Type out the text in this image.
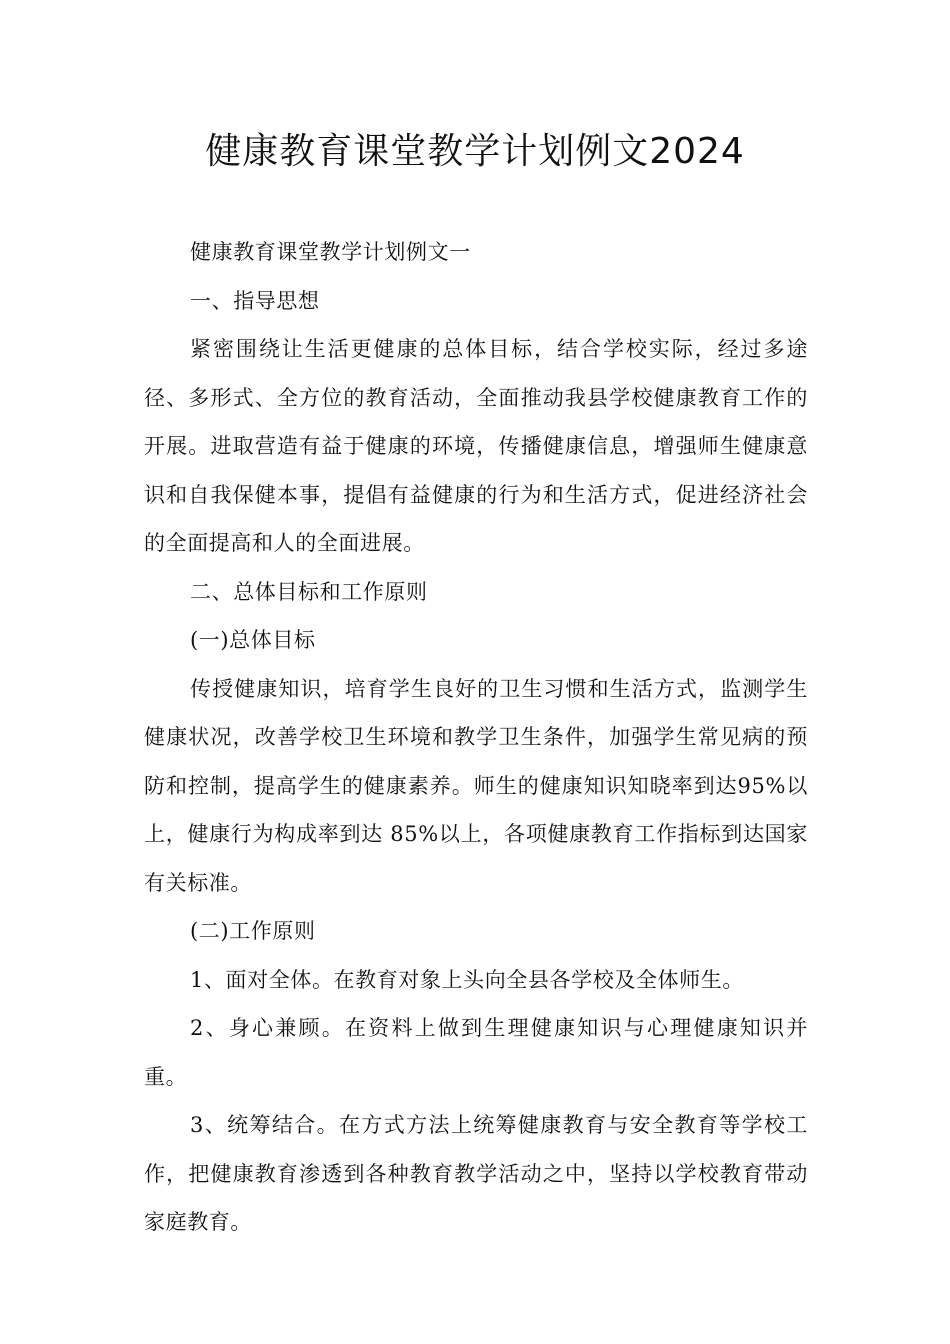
健康教育课堂教学计划例文2024

健康教育课堂教学计划例文一

一、指导思想

紧密围绕让生活更健康的总体目标，结合学校实际，经过多途径、多形式、全方位的教育活动，全面推动我县学校健康教育工作的开展。进取营造有益于健康的环境，传播健康信息，增强师生健康意识和自我保健本事，提倡有益健康的行为和生活方式，促进经济社会的全面提高和人的全面进展。

二、总体目标和工作原则

(一)总体目标

传授健康知识，培育学生良好的卫生习惯和生活方式，监测学生健康状况，改善学校卫生环境和教学卫生条件，加强学生常见病的预防和控制，提高学生的健康素养。师生的健康知识知晓率到达95%以上，健康行为构成率到达 85%以上，各项健康教育工作指标到达国家有关标准。

(二)工作原则

1、面对全体。在教育对象上头向全县各学校及全体师生。

2、身心兼顾。在资料上做到生理健康知识与心理健康知识并重。

3、统筹结合。在方式方法上统筹健康教育与安全教育等学校工作，把健康教育渗透到各种教育教学活动之中，坚持以学校教育带动家庭教育。
